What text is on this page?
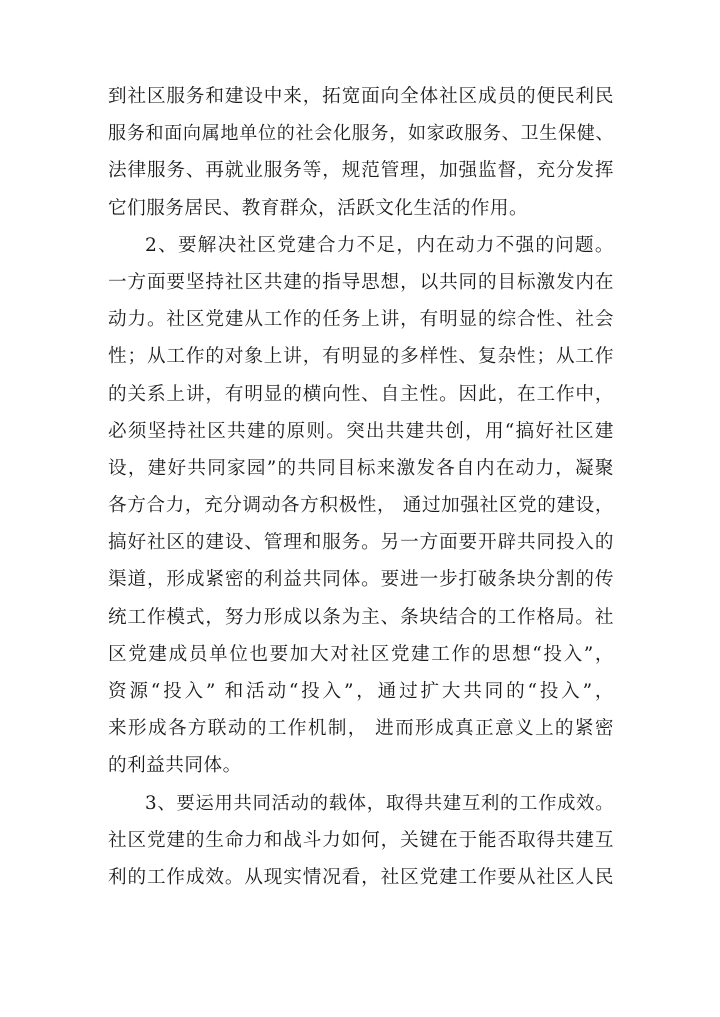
到社区服务和建设中来，拓宽面向全体社区成员的便民利民
服务和面向属地单位的社会化服务，如家政服务、卫生保健、
法律服务、再就业服务等，规范管理，加强监督，充分发挥
它们服务居民、教育群众，活跃文化生活的作用。
2、要解决社区党建合力不足，内在动力不强的问题。
一方面要坚持社区共建的指导思想，以共同的目标激发内在
动力。社区党建从工作的任务上讲，有明显的综合性、社会
性；从工作的对象上讲，有明显的多样性、复杂性；从工作
的关系上讲，有明显的横向性、自主性。因此，在工作中，
必须坚持社区共建的原则。突出共建共创，用“搞好社区建
设，建好共同家园”的共同目标来激发各自内在动力，凝聚
各方合力，充分调动各方积极性， 通过加强社区党的建设，
搞好社区的建设、管理和服务。另一方面要开辟共同投入的
渠道，形成紧密的利益共同体。要进一步打破条块分割的传
统工作模式，努力形成以条为主、条块结合的工作格局。社
区党建成员单位也要加大对社区党建工作的思想“投入”，
资源“投入” 和活动“投入”，通过扩大共同的“投入”，
来形成各方联动的工作机制， 进而形成真正意义上的紧密
的利益共同体。
3、要运用共同活动的载体，取得共建互利的工作成效。
社区党建的生命力和战斗力如何，关键在于能否取得共建互
利的工作成效。从现实情况看，社区党建工作要从社区人民
